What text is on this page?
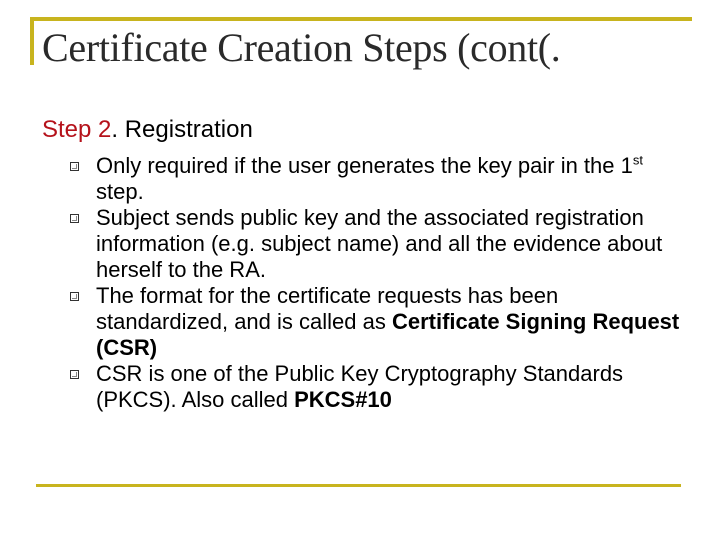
Certificate Creation Steps (cont(.
Step 2. Registration
Only required if the user generates the key pair in the 1st step.
Subject sends public key and the associated registration information (e.g. subject name) and all the evidence about herself to the RA.
The format for the certificate requests has been standardized, and is called as Certificate Signing Request (CSR)
CSR is one of the Public Key Cryptography Standards (PKCS). Also called PKCS#10
